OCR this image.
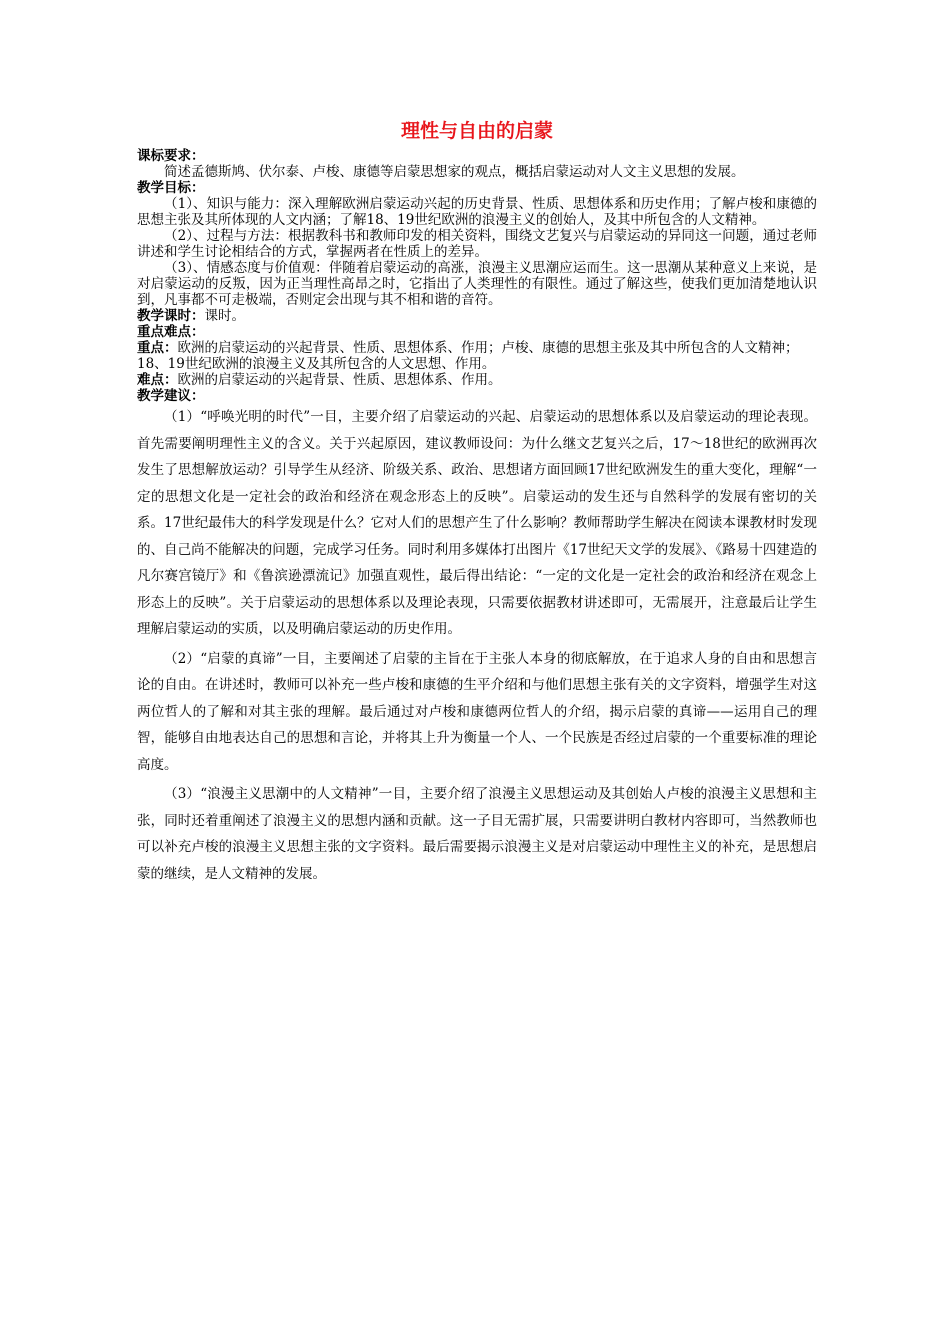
理性与自由的启蒙

课标要求：

简述孟德斯鸠、伏尔泰、卢梭、康德等启蒙思想家的观点，概括启蒙运动对人文主义思想的发展。

教学目标：

（1）、知识与能力：深入理解欧洲启蒙运动兴起的历史背景、性质、思想体系和历史作用；了解卢梭和康德的思想主张及其所体现的人文内涵；了解18、19世纪欧洲的浪漫主义的创始人，及其中所包含的人文精神。

（2）、过程与方法：根据教科书和教师印发的相关资料，围绕文艺复兴与启蒙运动的异同这一问题，通过老师讲述和学生讨论相结合的方式，掌握两者在性质上的差异。

（3）、情感态度与价值观：伴随着启蒙运动的高涨，浪漫主义思潮应运而生。这一思潮从某种意义上来说，是对启蒙运动的反叛，因为正当理性高昂之时，它指出了人类理性的有限性。通过了解这些，使我们更加清楚地认识到，凡事都不可走极端，否则定会出现与其不相和谐的音符。

教学课时：课时。

重点难点：

重点：欧洲的启蒙运动的兴起背景、性质、思想体系、作用；卢梭、康德的思想主张及其中所包含的人文精神；18、19世纪欧洲的浪漫主义及其所包含的人文思想、作用。

难点：欧洲的启蒙运动的兴起背景、性质、思想体系、作用。

教学建议：

（1）“呼唤光明的时代”一目，主要介绍了启蒙运动的兴起、启蒙运动的思想体系以及启蒙运动的理论表现。首先需要阐明理性主义的含义。关于兴起原因，建议教师设问：为什么继文艺复兴之后，17～18世纪的欧洲再次发生了思想解放运动？引导学生从经济、阶级关系、政治、思想诸方面回顾17世纪欧洲发生的重大变化，理解“一定的思想文化是一定社会的政治和经济在观念形态上的反映”。启蒙运动的发生还与自然科学的发展有密切的关系。17世纪最伟大的科学发现是什么？它对人们的思想产生了什么影响？教师帮助学生解决在阅读本课教材时发现的、自己尚不能解决的问题，完成学习任务。同时利用多媒体打出图片《17世纪天文学的发展》、《路易十四建造的凡尔赛宫镜厅》和《鲁滨逊漂流记》加强直观性，最后得出结论：“一定的文化是一定社会的政治和经济在观念上形态上的反映”。关于启蒙运动的思想体系以及理论表现，只需要依据教材讲述即可，无需展开，注意最后让学生理解启蒙运动的实质，以及明确启蒙运动的历史作用。

（2）“启蒙的真谛”一目，主要阐述了启蒙的主旨在于主张人本身的彻底解放，在于追求人身的自由和思想言论的自由。在讲述时，教师可以补充一些卢梭和康德的生平介绍和与他们思想主张有关的文字资料，增强学生对这两位哲人的了解和对其主张的理解。最后通过对卢梭和康德两位哲人的介绍，揭示启蒙的真谛——运用自己的理智，能够自由地表达自己的思想和言论，并将其上升为衡量一个人、一个民族是否经过启蒙的一个重要标准的理论高度。

（3）“浪漫主义思潮中的人文精神”一目，主要介绍了浪漫主义思想运动及其创始人卢梭的浪漫主义思想和主张，同时还着重阐述了浪漫主义的思想内涵和贡献。这一子目无需扩展，只需要讲明白教材内容即可，当然教师也可以补充卢梭的浪漫主义思想主张的文字资料。最后需要揭示浪漫主义是对启蒙运动中理性主义的补充，是思想启蒙的继续，是人文精神的发展。
